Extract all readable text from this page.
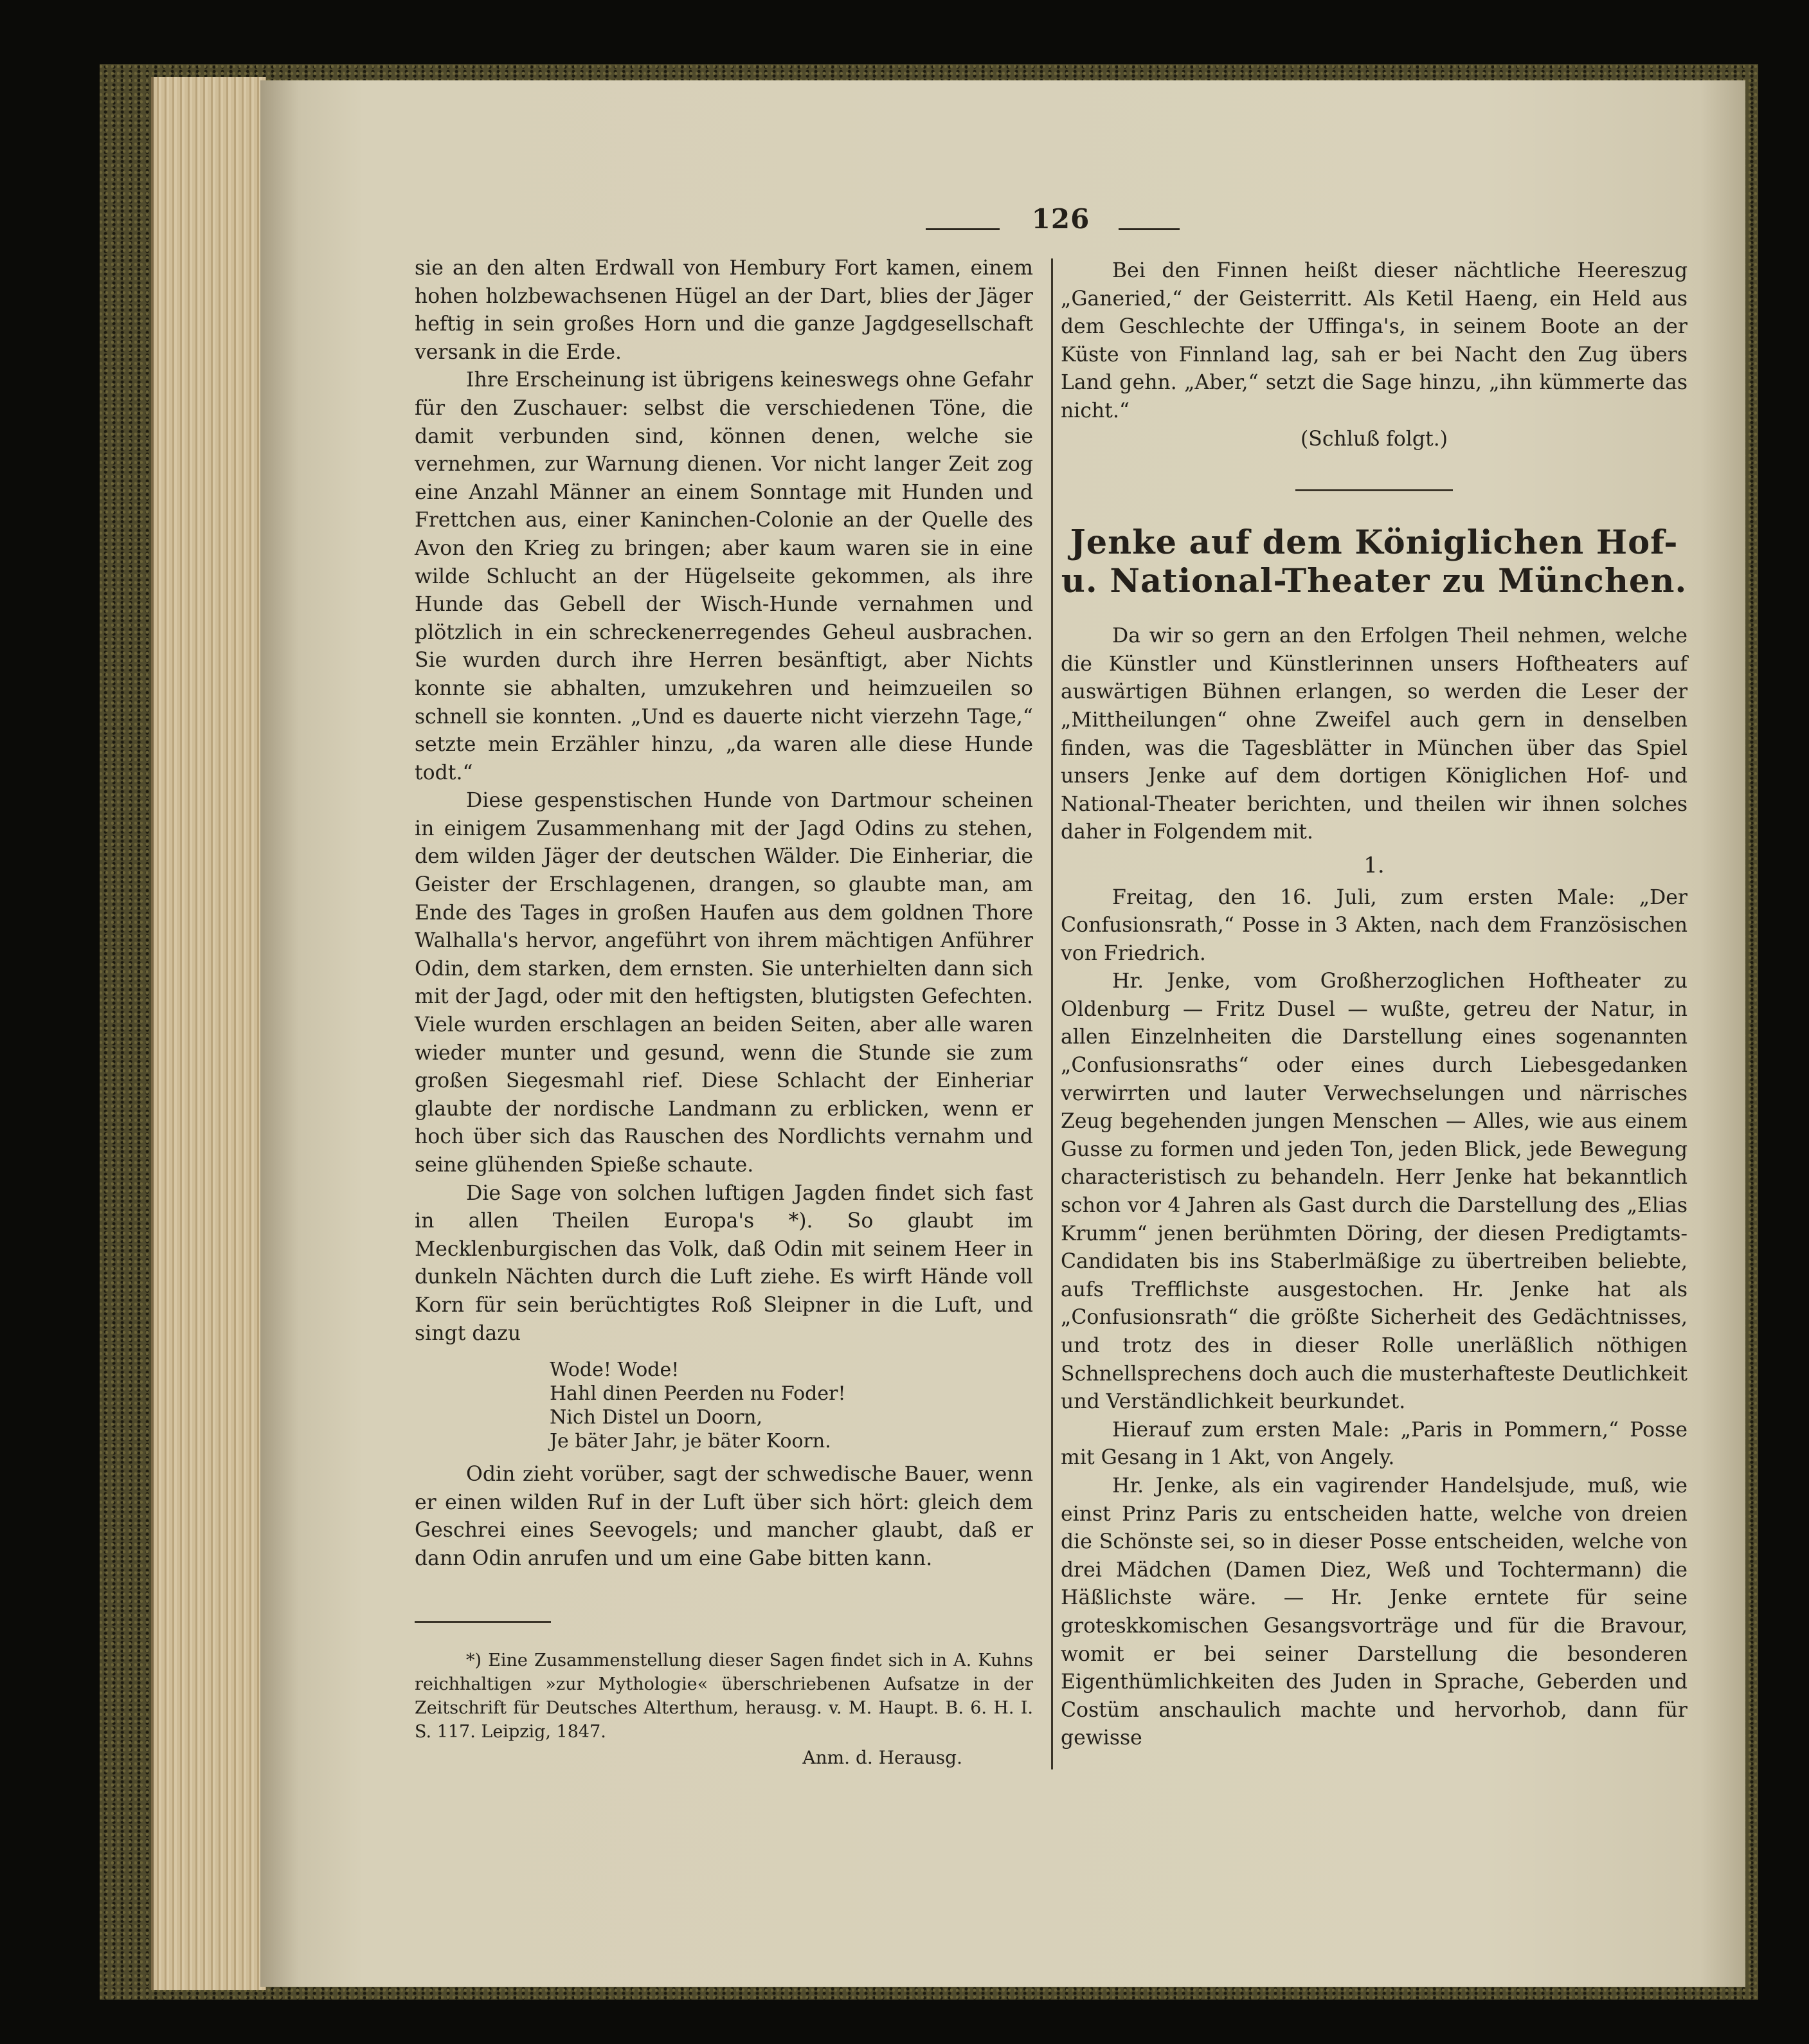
126

sie an den alten Erdwall von Hembury Fort kamen, einem hohen holzbewachsenen Hügel an der Dart, blies der Jäger heftig in sein großes Horn und die ganze Jagdgesellschaft versank in die Erde.

Ihre Erscheinung ist übrigens keineswegs ohne Gefahr für den Zuschauer: selbst die verschiedenen Töne, die damit verbunden sind, können denen, welche sie vernehmen, zur Warnung dienen. Vor nicht langer Zeit zog eine Anzahl Männer an einem Sonntage mit Hunden und Frettchen aus, einer Kaninchen-Colonie an der Quelle des Avon den Krieg zu bringen; aber kaum waren sie in eine wilde Schlucht an der Hügelseite gekommen, als ihre Hunde das Gebell der Wisch-Hunde vernahmen und plötzlich in ein schreckenerregendes Geheul ausbrachen. Sie wurden durch ihre Herren besänftigt, aber Nichts konnte sie abhalten, umzukehren und heimzueilen so schnell sie konnten. „Und es dauerte nicht vierzehn Tage,“ setzte mein Erzähler hinzu, „da waren alle diese Hunde todt.“

Diese gespenstischen Hunde von Dartmour scheinen in einigem Zusammenhang mit der Jagd Odins zu stehen, dem wilden Jäger der deutschen Wälder. Die Einheriar, die Geister der Erschlagenen, drangen, so glaubte man, am Ende des Tages in großen Haufen aus dem goldnen Thore Walhalla's hervor, angeführt von ihrem mächtigen Anführer Odin, dem starken, dem ernsten. Sie unterhielten dann sich mit der Jagd, oder mit den heftigsten, blutigsten Gefechten. Viele wurden erschlagen an beiden Seiten, aber alle waren wieder munter und gesund, wenn die Stunde sie zum großen Siegesmahl rief. Diese Schlacht der Einheriar glaubte der nordische Landmann zu erblicken, wenn er hoch über sich das Rauschen des Nordlichts vernahm und seine glühenden Spieße schaute.

Die Sage von solchen luftigen Jagden findet sich fast in allen Theilen Europa's *). So glaubt im Mecklenburgischen das Volk, daß Odin mit seinem Heer in dunkeln Nächten durch die Luft ziehe. Es wirft Hände voll Korn für sein berüchtigtes Roß Sleipner in die Luft, und singt dazu

Wode! Wode!
Hahl dinen Peerden nu Foder!
Nich Distel un Doorn,
Je bäter Jahr, je bäter Koorn.

Odin zieht vorüber, sagt der schwedische Bauer, wenn er einen wilden Ruf in der Luft über sich hört: gleich dem Geschrei eines Seevogels; und mancher glaubt, daß er dann Odin anrufen und um eine Gabe bitten kann.

*) Eine Zusammenstellung dieser Sagen findet sich in A. Kuhns reichhaltigen »zur Mythologie« überschriebenen Aufsatze in der Zeitschrift für Deutsches Alterthum, herausg. v. M. Haupt. B. 6. H. I. S. 117. Leipzig, 1847.

Anm. d. Herausg.

Bei den Finnen heißt dieser nächtliche Heereszug „Ganeried,“ der Geisterritt. Als Ketil Haeng, ein Held aus dem Geschlechte der Uffinga's, in seinem Boote an der Küste von Finnland lag, sah er bei Nacht den Zug übers Land gehn. „Aber,“ setzt die Sage hinzu, „ihn kümmerte das nicht.“

(Schluß folgt.)

Jenke auf dem Königlichen Hof- u. National-Theater zu München.

Da wir so gern an den Erfolgen Theil nehmen, welche die Künstler und Künstlerinnen unsers Hoftheaters auf auswärtigen Bühnen erlangen, so werden die Leser der „Mittheilungen“ ohne Zweifel auch gern in denselben finden, was die Tagesblätter in München über das Spiel unsers Jenke auf dem dortigen Königlichen Hof- und National-Theater berichten, und theilen wir ihnen solches daher in Folgendem mit.

1.

Freitag, den 16. Juli, zum ersten Male: „Der Confusionsrath,“ Posse in 3 Akten, nach dem Französischen von Friedrich.

Hr. Jenke, vom Großherzoglichen Hoftheater zu Oldenburg — Fritz Dusel — wußte, getreu der Natur, in allen Einzelnheiten die Darstellung eines sogenannten „Confusionsraths“ oder eines durch Liebesgedanken verwirrten und lauter Verwechselungen und närrisches Zeug begehenden jungen Menschen — Alles, wie aus einem Gusse zu formen und jeden Ton, jeden Blick, jede Bewegung characteristisch zu behandeln. Herr Jenke hat bekanntlich schon vor 4 Jahren als Gast durch die Darstellung des „Elias Krumm“ jenen berühmten Döring, der diesen Predigtamts-Candidaten bis ins Staberlmäßige zu übertreiben beliebte, aufs Trefflichste ausgestochen. Hr. Jenke hat als „Confusionsrath“ die größte Sicherheit des Gedächtnisses, und trotz des in dieser Rolle unerläßlich nöthigen Schnellsprechens doch auch die musterhafteste Deutlichkeit und Verständlichkeit beurkundet.

Hierauf zum ersten Male: „Paris in Pommern,“ Posse mit Gesang in 1 Akt, von Angely.

Hr. Jenke, als ein vagirender Handelsjude, muß, wie einst Prinz Paris zu entscheiden hatte, welche von dreien die Schönste sei, so in dieser Posse entscheiden, welche von drei Mädchen (Damen Diez, Weß und Tochtermann) die Häßlichste wäre. — Hr. Jenke erntete für seine groteskkomischen Gesangsvorträge und für die Bravour, womit er bei seiner Darstellung die besonderen Eigenthümlichkeiten des Juden in Sprache, Geberden und Costüm anschaulich machte und hervorhob, dann für gewisse
